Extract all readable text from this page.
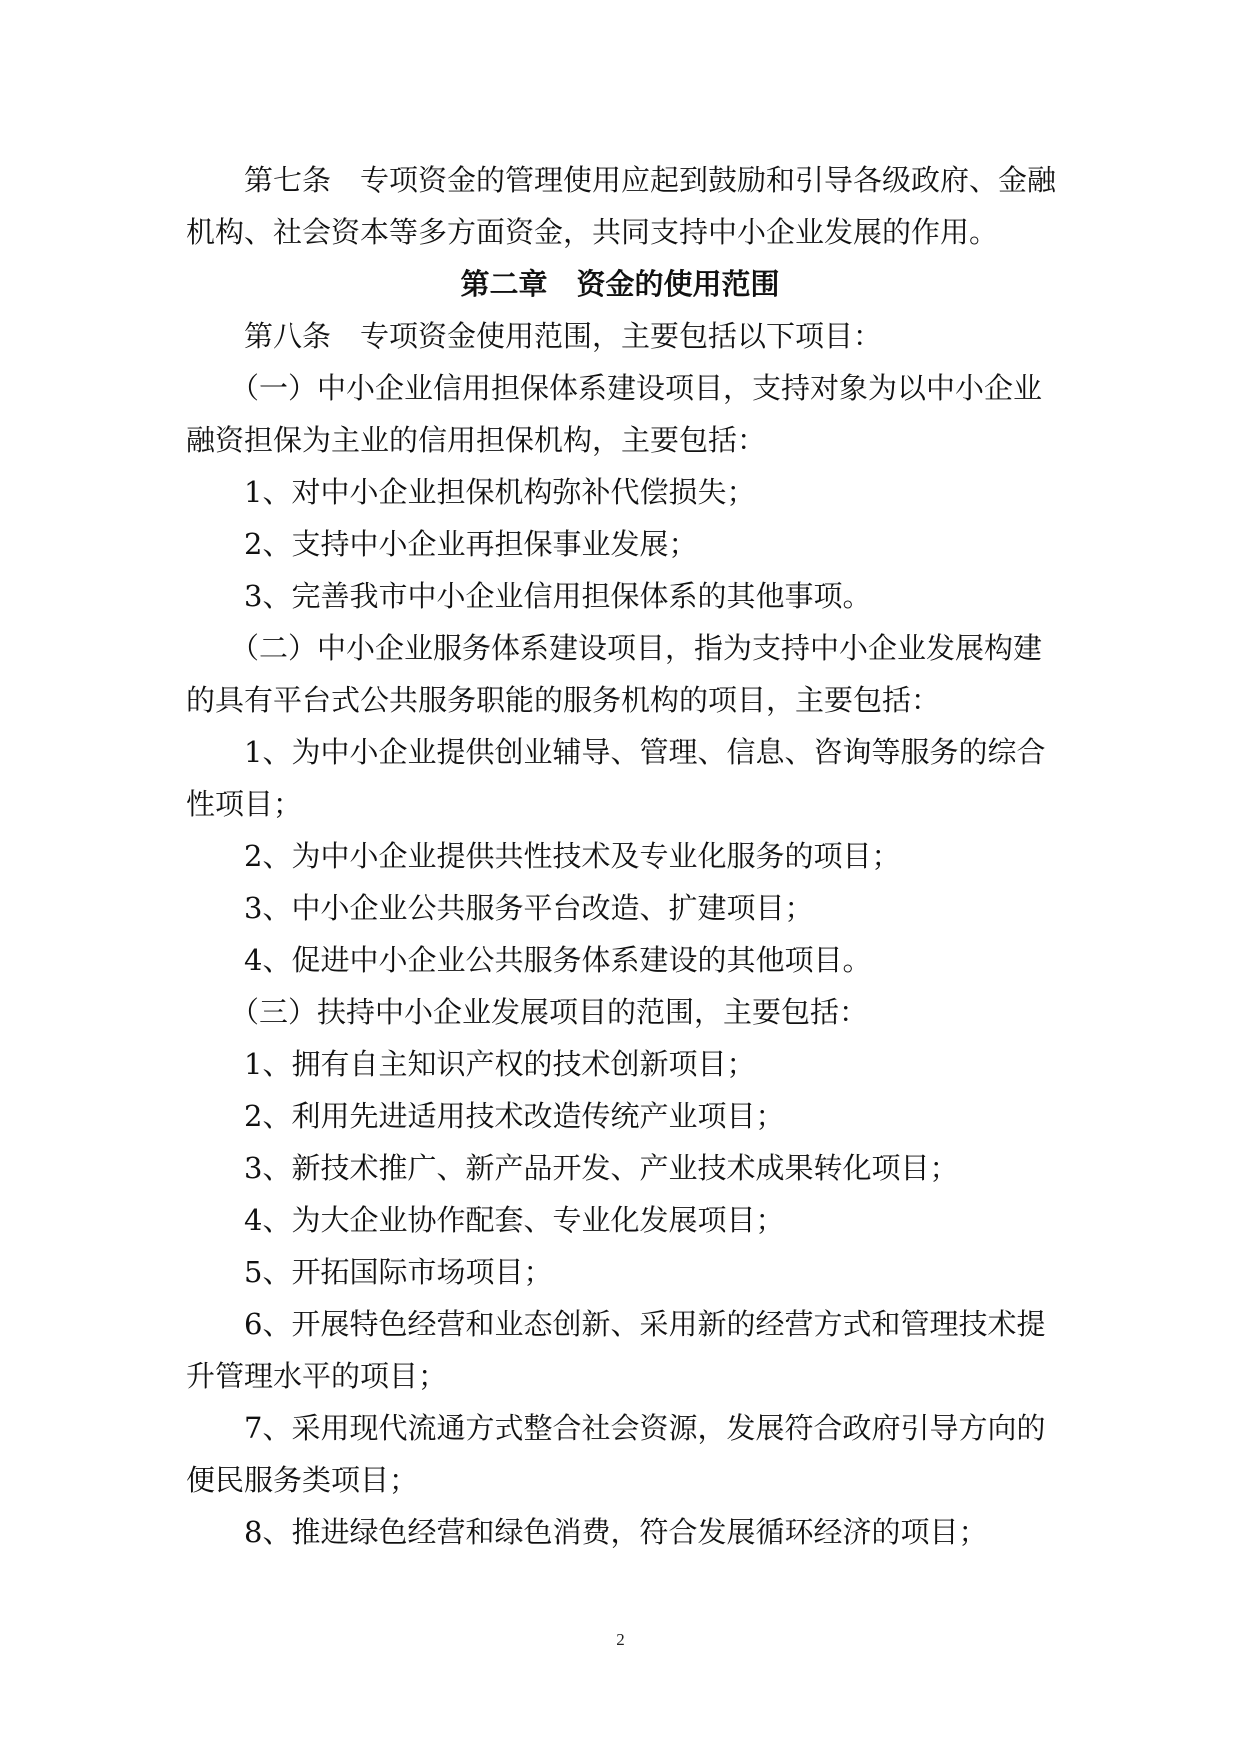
第七条　专项资金的管理使用应起到鼓励和引导各级政府、金融
机构、社会资本等多方面资金，共同支持中小企业发展的作用。
第二章　资金的使用范围
第八条　专项资金使用范围，主要包括以下项目：
（一）中小企业信用担保体系建设项目，支持对象为以中小企业
融资担保为主业的信用担保机构，主要包括：
1、对中小企业担保机构弥补代偿损失；
2、支持中小企业再担保事业发展；
3、完善我市中小企业信用担保体系的其他事项。
（二）中小企业服务体系建设项目，指为支持中小企业发展构建
的具有平台式公共服务职能的服务机构的项目，主要包括：
1、为中小企业提供创业辅导、管理、信息、咨询等服务的综合
性项目；
2、为中小企业提供共性技术及专业化服务的项目；
3、中小企业公共服务平台改造、扩建项目；
4、促进中小企业公共服务体系建设的其他项目。
（三）扶持中小企业发展项目的范围，主要包括：
1、拥有自主知识产权的技术创新项目；
2、利用先进适用技术改造传统产业项目；
3、新技术推广、新产品开发、产业技术成果转化项目；
4、为大企业协作配套、专业化发展项目；
5、开拓国际市场项目；
6、开展特色经营和业态创新、采用新的经营方式和管理技术提
升管理水平的项目；
7、采用现代流通方式整合社会资源，发展符合政府引导方向的
便民服务类项目；
8、推进绿色经营和绿色消费，符合发展循环经济的项目；
2
